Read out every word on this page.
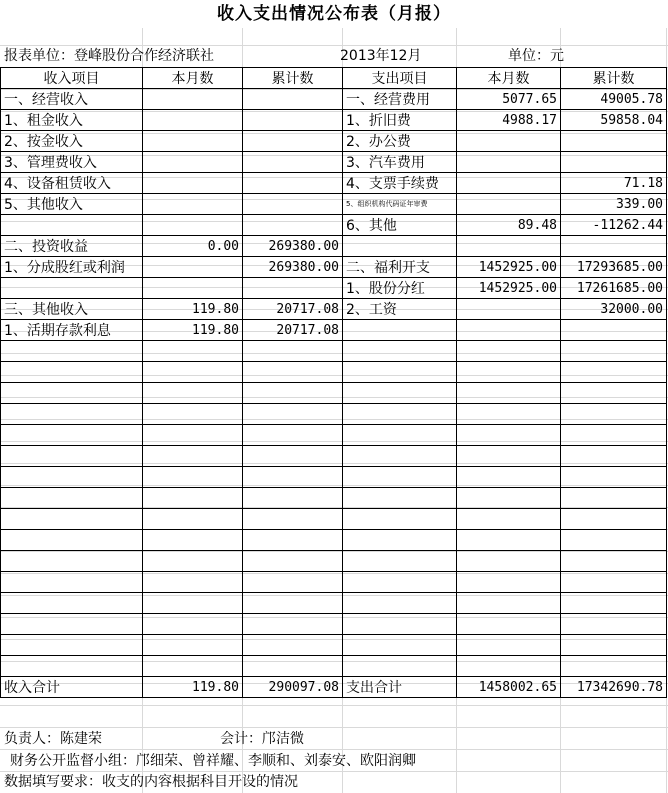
收入支出情况公布表（月报）
报表单位：登峰股份合作经济联社	2013年12月	单位：元
收入项目	本月数	累计数	支出项目	本月数	累计数
一、经营收入			一、经营费用	5077.65	49005.78
1、租金收入			1、折旧费	4988.17	59858.04
2、按金收入			2、办公费		
3、管理费收入			3、汽车费用		
4、设备租赁收入			4、支票手续费		71.18
5、其他收入			5、组织机构代码证年审费		339.00
			6、其他	89.48	-11262.44
二、投资收益	0.00	269380.00			
1、分成股红或利润		269380.00	二、福利开支	1452925.00	17293685.00
			1、股份分红	1452925.00	17261685.00
三、其他收入	119.80	20717.08	2、工资		32000.00
1、活期存款利息	119.80	20717.08			

收入合计	119.80	290097.08	支出合计	1458002.65	17342690.78
负责人：陈建荣	会计：邝洁微
财务公开监督小组：邝细荣、曾祥耀、李顺和、刘泰安、欧阳润卿
数据填写要求：收支的内容根据科目开设的情况
